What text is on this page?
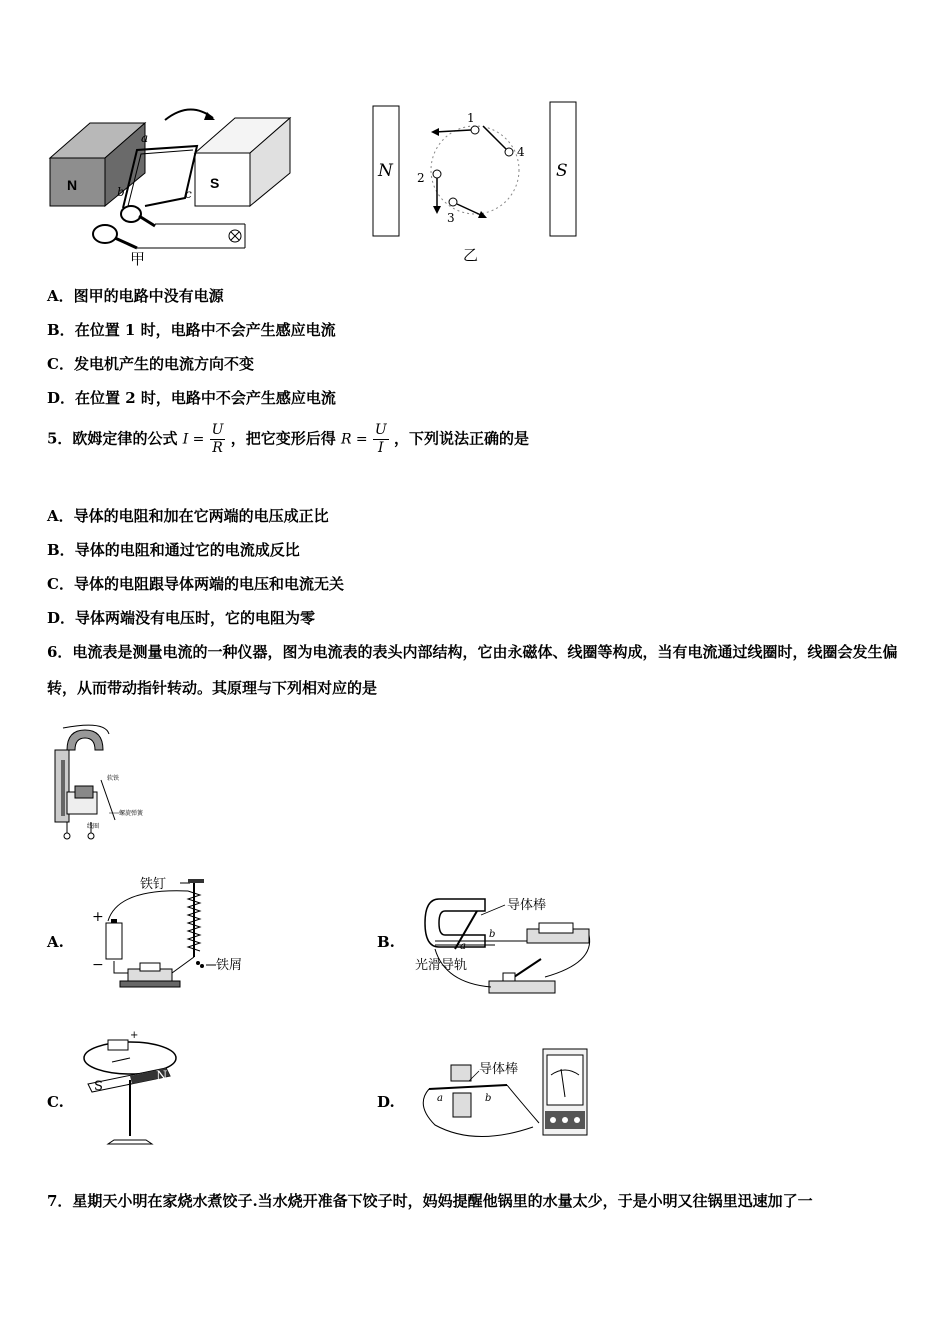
N	S
a
b	c
甲
N	S
1
4
2
3
乙
A．图甲的电路中没有电源
B．在位置 1 时，电路中不会产生感应电流
C．发电机产生的电流方向不变
D．在位置 2 时，电路中不会产生感应电流
5．欧姆定律的公式 $I = \frac{U}{R}$ ，把它变形后得 $R = \frac{U}{I}$ ，下列说法正确的是
A．导体的电阻和加在它两端的电压成正比
B．导体的电阻和通过它的电流成反比
C．导体的电阻跟导体两端的电压和电流无关
D．导体两端没有电压时，它的电阻为零
6．电流表是测量电流的一种仪器，图为电流表的表头内部结构，它由永磁体、线圈等构成，当有电流通过线圈时，线圈会发生偏转，从而带动指针转动。其原理与下列相对应的是
软铁
螺旋弹簧
线圈
A.
铁钉
+
−	铁屑
B.	a
b
导体棒
光滑导轨
C.
+
S
N
D.	a	b
导体棒
7．星期天小明在家烧水煮饺子.当水烧开准备下饺子时，妈妈提醒他锅里的水量太少，于是小明又往锅里迅速加了一
